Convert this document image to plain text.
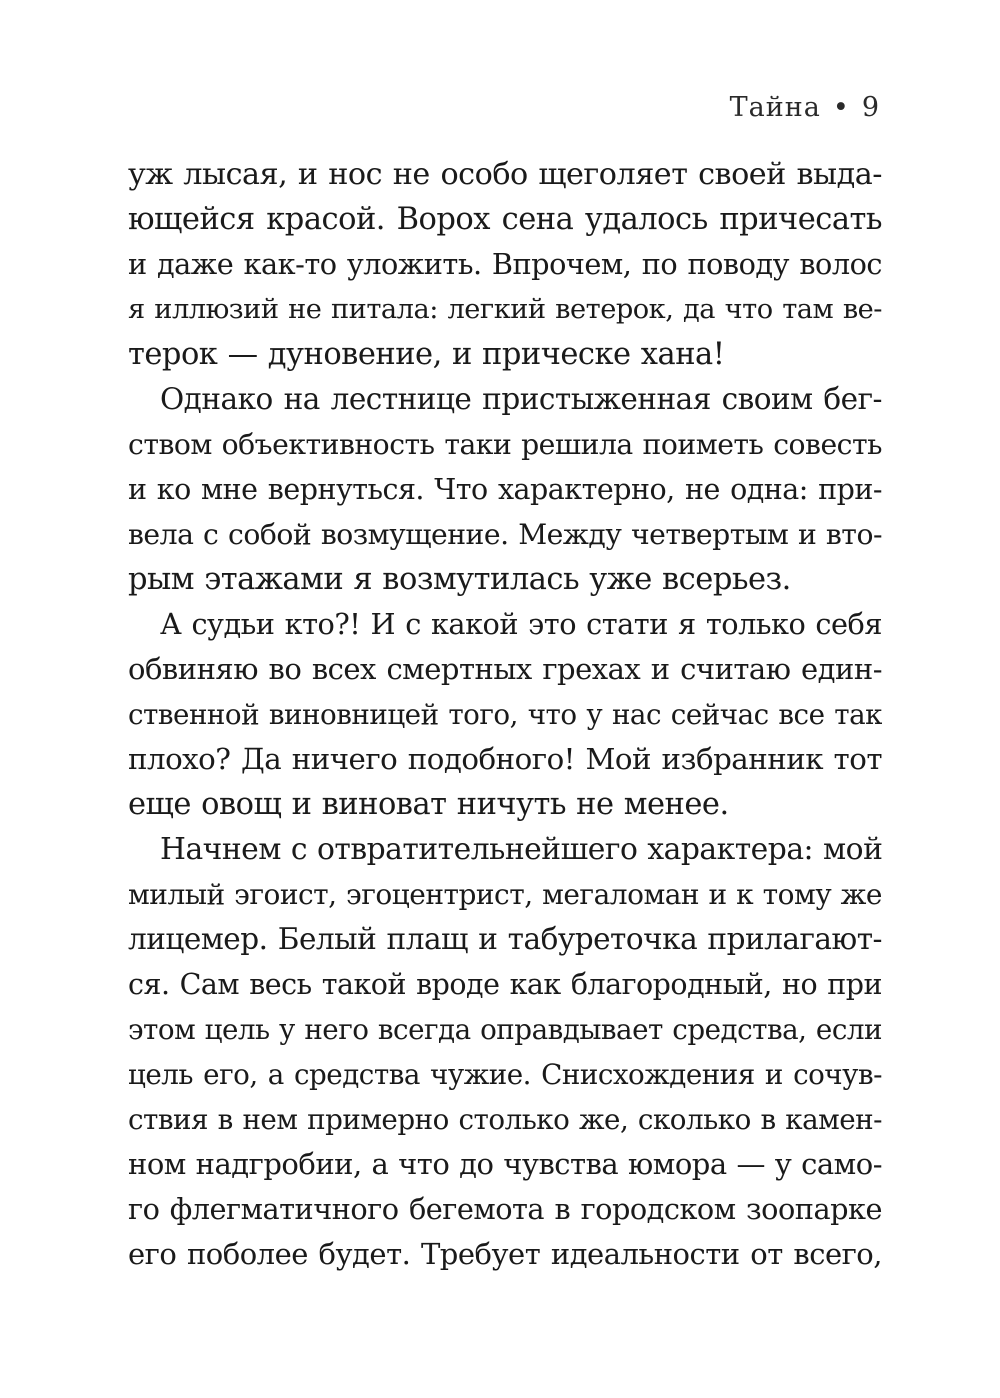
Тайна • 9
уж лысая, и нос не особо щеголяет своей выда-
ющейся красой. Ворох сена удалось причесать
и даже как-то уложить. Впрочем, по поводу волос
я иллюзий не питала: легкий ветерок, да что там ве-
терок — дуновение, и прическе хана!
Однако на лестнице пристыженная своим бег-
ством объективность таки решила поиметь совесть
и ко мне вернуться. Что характерно, не одна: при-
вела с собой возмущение. Между четвертым и вто-
рым этажами я возмутилась уже всерьез.
А судьи кто?! И с какой это стати я только себя
обвиняю во всех смертных грехах и считаю един-
ственной виновницей того, что у нас сейчас все так
плохо? Да ничего подобного! Мой избранник тот
еще овощ и виноват ничуть не менее.
Начнем с отвратительнейшего характера: мой
милый эгоист, эгоцентрист, мегаломан и к тому же
лицемер. Белый плащ и табуреточка прилагают-
ся. Сам весь такой вроде как благородный, но при
этом цель у него всегда оправдывает средства, если
цель его, а средства чужие. Снисхождения и сочув-
ствия в нем примерно столько же, сколько в камен-
ном надгробии, а что до чувства юмора — у само-
го флегматичного бегемота в городском зоопарке
его поболее будет. Требует идеальности от всего,
